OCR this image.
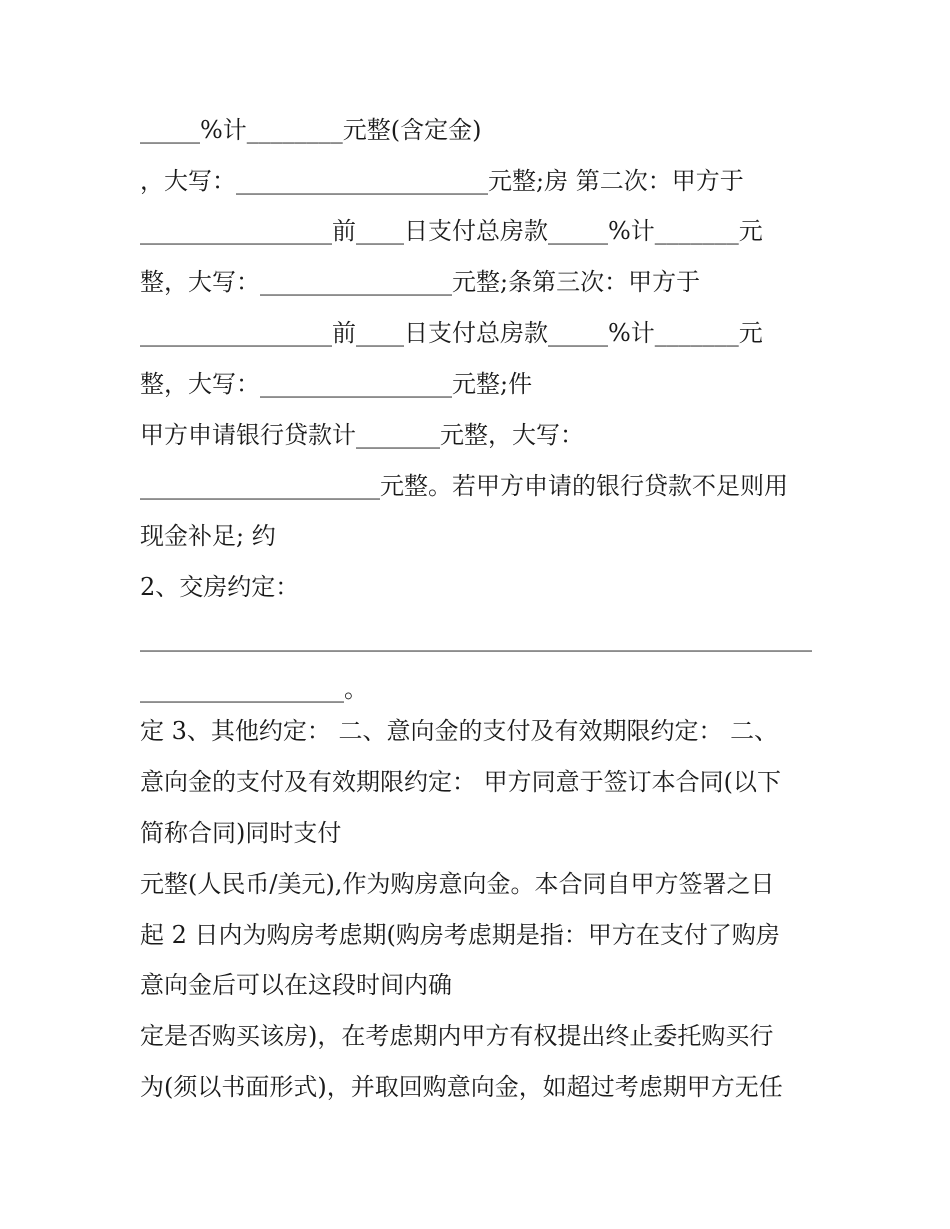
_____%计________元整(含定金)
，大写：_____________________元整;房 第二次：甲方于
________________前____日支付总房款_____%计_______元
整，大写：________________元整;条第三次：甲方于
________________前____日支付总房款_____%计_______元
整，大写：________________元整;件
甲方申请银行贷款计_______元整，大写：
____________________元整。若甲方申请的银行贷款不足则用
现金补足; 约
2、交房约定：
________________________________________________________
_________________。
定 3、其他约定： 二、意向金的支付及有效期限约定： 二、
意向金的支付及有效期限约定： 甲方同意于签订本合同(以下
简称合同)同时支付
元整(人民币/美元),作为购房意向金。本合同自甲方签署之日
起 2 日内为购房考虑期(购房考虑期是指：甲方在支付了购房
意向金后可以在这段时间内确
定是否购买该房)，在考虑期内甲方有权提出终止委托购买行
为(须以书面形式)，并取回购意向金，如超过考虑期甲方无任
